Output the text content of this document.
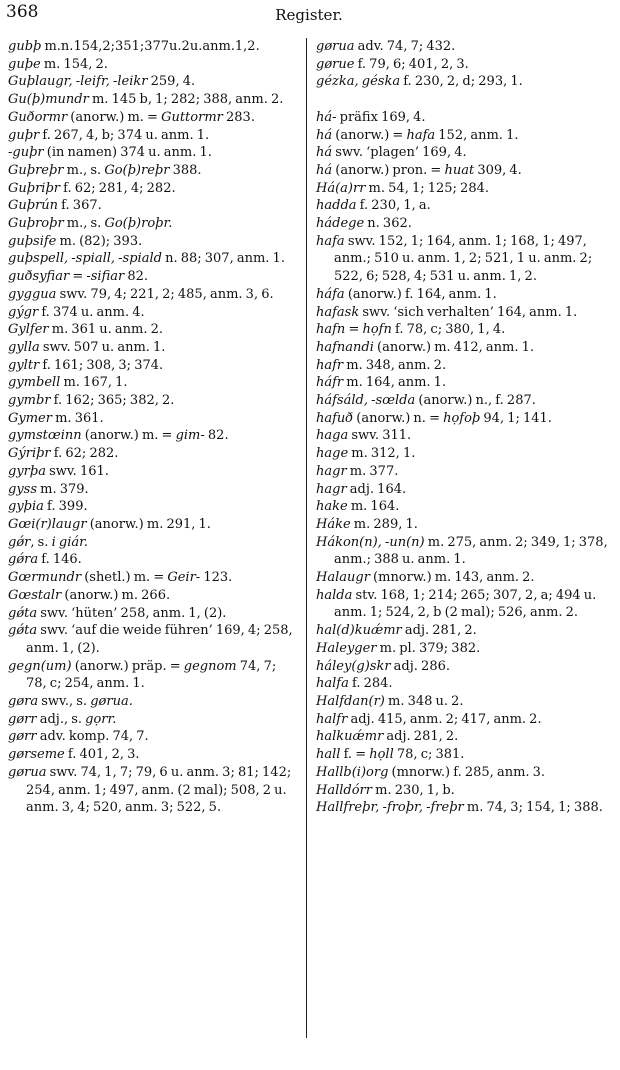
368	Register.
gubþ m.n.154,2;351;377u.2u.anm.1,2.
guþe m. 154, 2.
Guþlaugr, -leifr, -leikr 259, 4.
Gu(þ)mundr m. 145 b, 1; 282; 388, anm. 2.
Guðormr (anorw.) m. = Guttormr 283.
guþr f. 267, 4, b; 374 u. anm. 1.
-guþr (in namen) 374 u. anm. 1.
Guþreþr m., s. Go(þ)reþr 388.
Guþriþr f. 62; 281, 4; 282.
Guþrún f. 367.
Guþroþr m., s. Go(þ)roþr.
guþsife m. (82); 393.
guþspell, -spiall, -spiald n. 88; 307, anm. 1.
guðsyfiar = -sifiar 82.
gyggua swv. 79, 4; 221, 2; 485, anm. 3, 6.
gýgr f. 374 u. anm. 4.
Gylfer m. 361 u. anm. 2.
gylla swv. 507 u. anm. 1.
gyltr f. 161; 308, 3; 374.
gymbell m. 167, 1.
gymbr f. 162; 365; 382, 2.
Gymer m. 361.
gymstœinn (anorw.) m. = gim- 82.
Gýriþr f. 62; 282.
gyrþa swv. 161.
gyss m. 379.
gyþia f. 399.
Gœi(r)laugr (anorw.) m. 291, 1.
gǿr, s. i giár.
gǿra f. 146.
Gœrmundr (shetl.) m. = Geir- 123.
Gœstalr (anorw.) m. 266.
gǿta swv. ‘hüten’ 258, anm. 1, (2).
gǿta swv. ‘auf die weide führen’ 169, 4; 258, anm. 1, (2).
gegn(um) (anorw.) präp. = gegnom 74, 7; 78, c; 254, anm. 1.
gøra swv., s. gørua.
gørr adj., s. gọrr.
gørr adv. komp. 74, 7.
gørseme f. 401, 2, 3.
gørua swv. 74, 1, 7; 79, 6 u. anm. 3; 81; 142; 254, anm. 1; 497, anm. (2 mal); 508, 2 u. anm. 3, 4; 520, anm. 3; 522, 5.
gørua adv. 74, 7; 432.
gørue f. 79, 6; 401, 2, 3.
gézka, géska f. 230, 2, d; 293, 1.
há- präfix 169, 4.
há (anorw.) = hafa 152, anm. 1.
há swv. ‘plagen’ 169, 4.
há (anorw.) pron. = huat 309, 4.
Há(a)rr m. 54, 1; 125; 284.
hadda f. 230, 1, a.
hádege n. 362.
hafa swv. 152, 1; 164, anm. 1; 168, 1; 497, anm.; 510 u. anm. 1, 2; 521, 1 u. anm. 2; 522, 6; 528, 4; 531 u. anm. 1, 2.
háfa (anorw.) f. 164, anm. 1.
hafask swv. ‘sich verhalten’ 164, anm. 1.
hafn = họfn f. 78, c; 380, 1, 4.
hafnandi (anorw.) m. 412, anm. 1.
hafr m. 348, anm. 2.
háfr m. 164, anm. 1.
háfsáld, -sœlda (anorw.) n., f. 287.
hafuð (anorw.) n. = họfoþ 94, 1; 141.
haga swv. 311.
hage m. 312, 1.
hagr m. 377.
hagr adj. 164.
hake m. 164.
Háke m. 289, 1.
Hákon(n), -un(n) m. 275, anm. 2; 349, 1; 378, anm.; 388 u. anm. 1.
Halaugr (mnorw.) m. 143, anm. 2.
halda stv. 168, 1; 214; 265; 307, 2, a; 494 u. anm. 1; 524, 2, b (2 mal); 526, anm. 2.
hal(d)kuǽmr adj. 281, 2.
Haleyger m. pl. 379; 382.
háley(g)skr adj. 286.
halfa f. 284.
Halfdan(r) m. 348 u. 2.
halfr adj. 415, anm. 2; 417, anm. 2.
halkuǽmr adj. 281, 2.
hall f. = họll 78, c; 381.
Hallb(i)org (mnorw.) f. 285, anm. 3.
Halldórr m. 230, 1, b.
Hallfreþr, -froþr, -freþr m. 74, 3; 154, 1; 388.
